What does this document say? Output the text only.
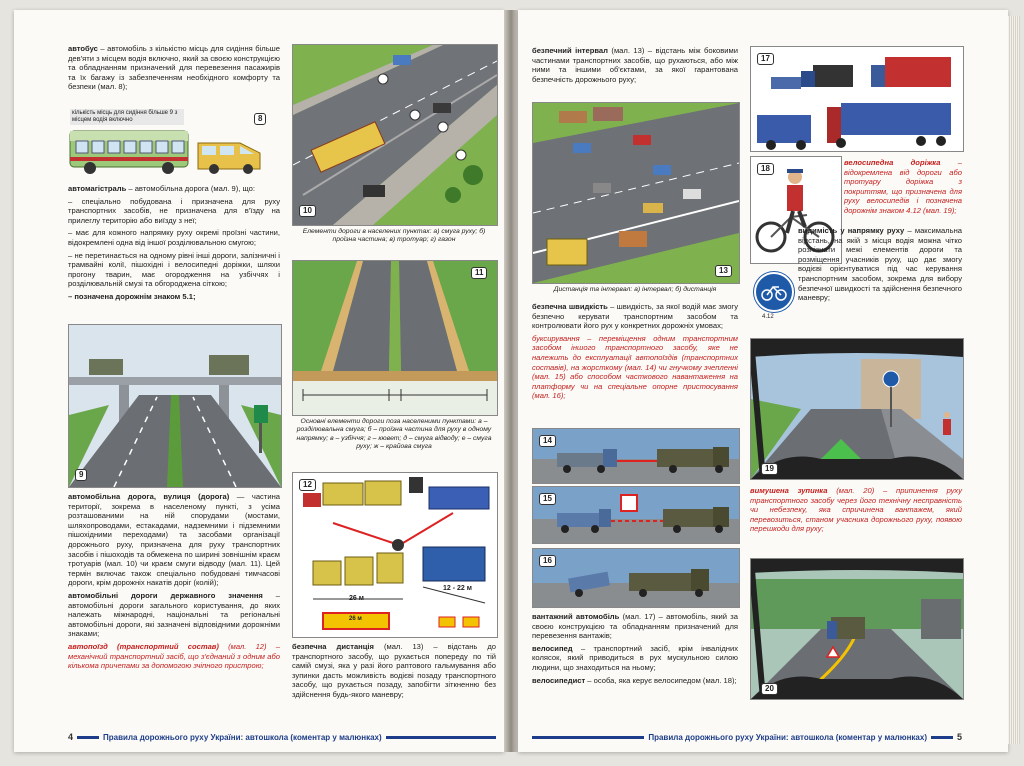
автобус – автомобіль з кількістю місць для сидіння більше дев'яти з місцем водія включно, який за своєю конструкцією та обладнанням призначений для перевезення пасажирів та їх багажу із забезпеченням необхідного комфорту та безпеки (мал. 8);

кількість місць для сидіння більше 9 з місцем водія включно	8

автомагістраль – автомобільна дорога (мал. 9), що:

– спеціально побудована і призначена для руху транспортних засобів, не призначена для в'їзду на прилеглу територію або виїзду з неї;

– має для кожного напрямку руху окремі проїзні частини, відокремлені одна від іншої розділювальною смугою;

– не перетинається на одному рівні інші дороги, залізничні і трамвайні колії, пішохідні і велосипедні доріжки, шляхи прогону тварин, має огородження на узбіччях і розділювальній смузі та обгороджена сіткою;

– позначена дорожнім знаком 5.1;

9

автомобільна дорога, вулиця (дорога) — частина території, зокрема в населеному пункті, з усіма розташованими на ній спорудами (мостами, шляхопроводами, естакадами, надземними і підземними пішохідними переходами) та засобами організації дорожнього руху, призначена для руху транспортних засобів і пішоходів та обмежена по ширині зовнішнім краєм тротуарів (мал. 10) чи краєм смуги відводу (мал. 11). Цей термін включає також спеціально побудовані тимчасові дороги, крім дорожніх накатів доріг (колій);

автомобільні дороги державного значення – автомобільні дороги загального користування, до яких належать міжнародні, національні та регіональні автомобільні дороги, які зазначені відповідними дорожніми знаками;

автопоїзд (транспортний состав) (мал. 12) – механічний транспортний засіб, що з'єднаний з одним або кількома причепами за допомогою зчіпного пристрою;

10
Елементи дороги в населених пунктах: а) смуга руху; б) проїзна частина; в) тротуар; г) газон
11
Основні елементи дороги поза населеними пунктами: а – розділювальна смуга; б – проїзна частина для руху в одному напрямку; в – узбіччя; г – кювет; д – смуга відводу; е – смуга руху; ж – крайова смуга
12
26 м
12 - 22 м
26 м

безпечна дистанція (мал. 13) – відстань до транспортного засобу, що рухається попереду по тій самій смузі, яка у разі його раптового гальмування або зупинки дасть можливість водієві позаду транспортного засобу, що рухається позаду, запобігти зіткненню без здійснення будь-якого маневру;

4	Правила дорожнього руху України: автошкола (коментар у малюнках)

безпечний інтервал (мал. 13) – відстань між боковими частинами транспортних засобів, що рухаються, або між ними та іншими об'єктами, за якої гарантована безпечність дорожнього руху;

13
Дистанція та інтервал: а) інтервал; б) дистанція

безпечна швидкість – швидкість, за якої водій має змогу безпечно керувати транспортним засобом та контролювати його рух у конкретних дорожніх умовах;

буксирування – переміщення одним транспортним засобом іншого транспортного засобу, яке не належить до експлуатації автопоїздів (транспортних составів), на жорсткому (мал. 14) чи гнучкому зчепленні (мал. 15) або способом часткового навантаження на платформу чи на спеціальне опорне пристосування (мал. 16);

14
15
16

вантажний автомобіль (мал. 17) – автомобіль, який за своєю конструкцією та обладнанням призначений для перевезення вантажів;

велосипед – транспортний засіб, крім інвалідних колясок, який приводиться в рух мускульною силою людини, що знаходиться на ньому;

велосипедист – особа, яка керує велосипедом (мал. 18);

17
18

велосипедна доріжка – відокремлена від дороги або тротуару доріжка з покриттям, що призначена для руху велосипедів і позначена дорожнім знаком 4.12 (мал. 19);

4.12

видимість у напрямку руху – максимальна відстань, на якій з місця водія можна чітко розпізнати межі елементів дороги та розміщення учасників руху, що дає змогу водієві орієнтуватися під час керування транспортним засобом, зокрема для вибору безпечної швидкості та здійснення безпечного маневру;

19

вимушена зупинка (мал. 20) – припинення руху транспортного засобу через його технічну несправність чи небезпеку, яка спричинена вантажем, який перевозиться, станом учасника дорожнього руху, появою перешкоди для руху;

20
Правила дорожнього руху України: автошкола (коментар у малюнках)	5
